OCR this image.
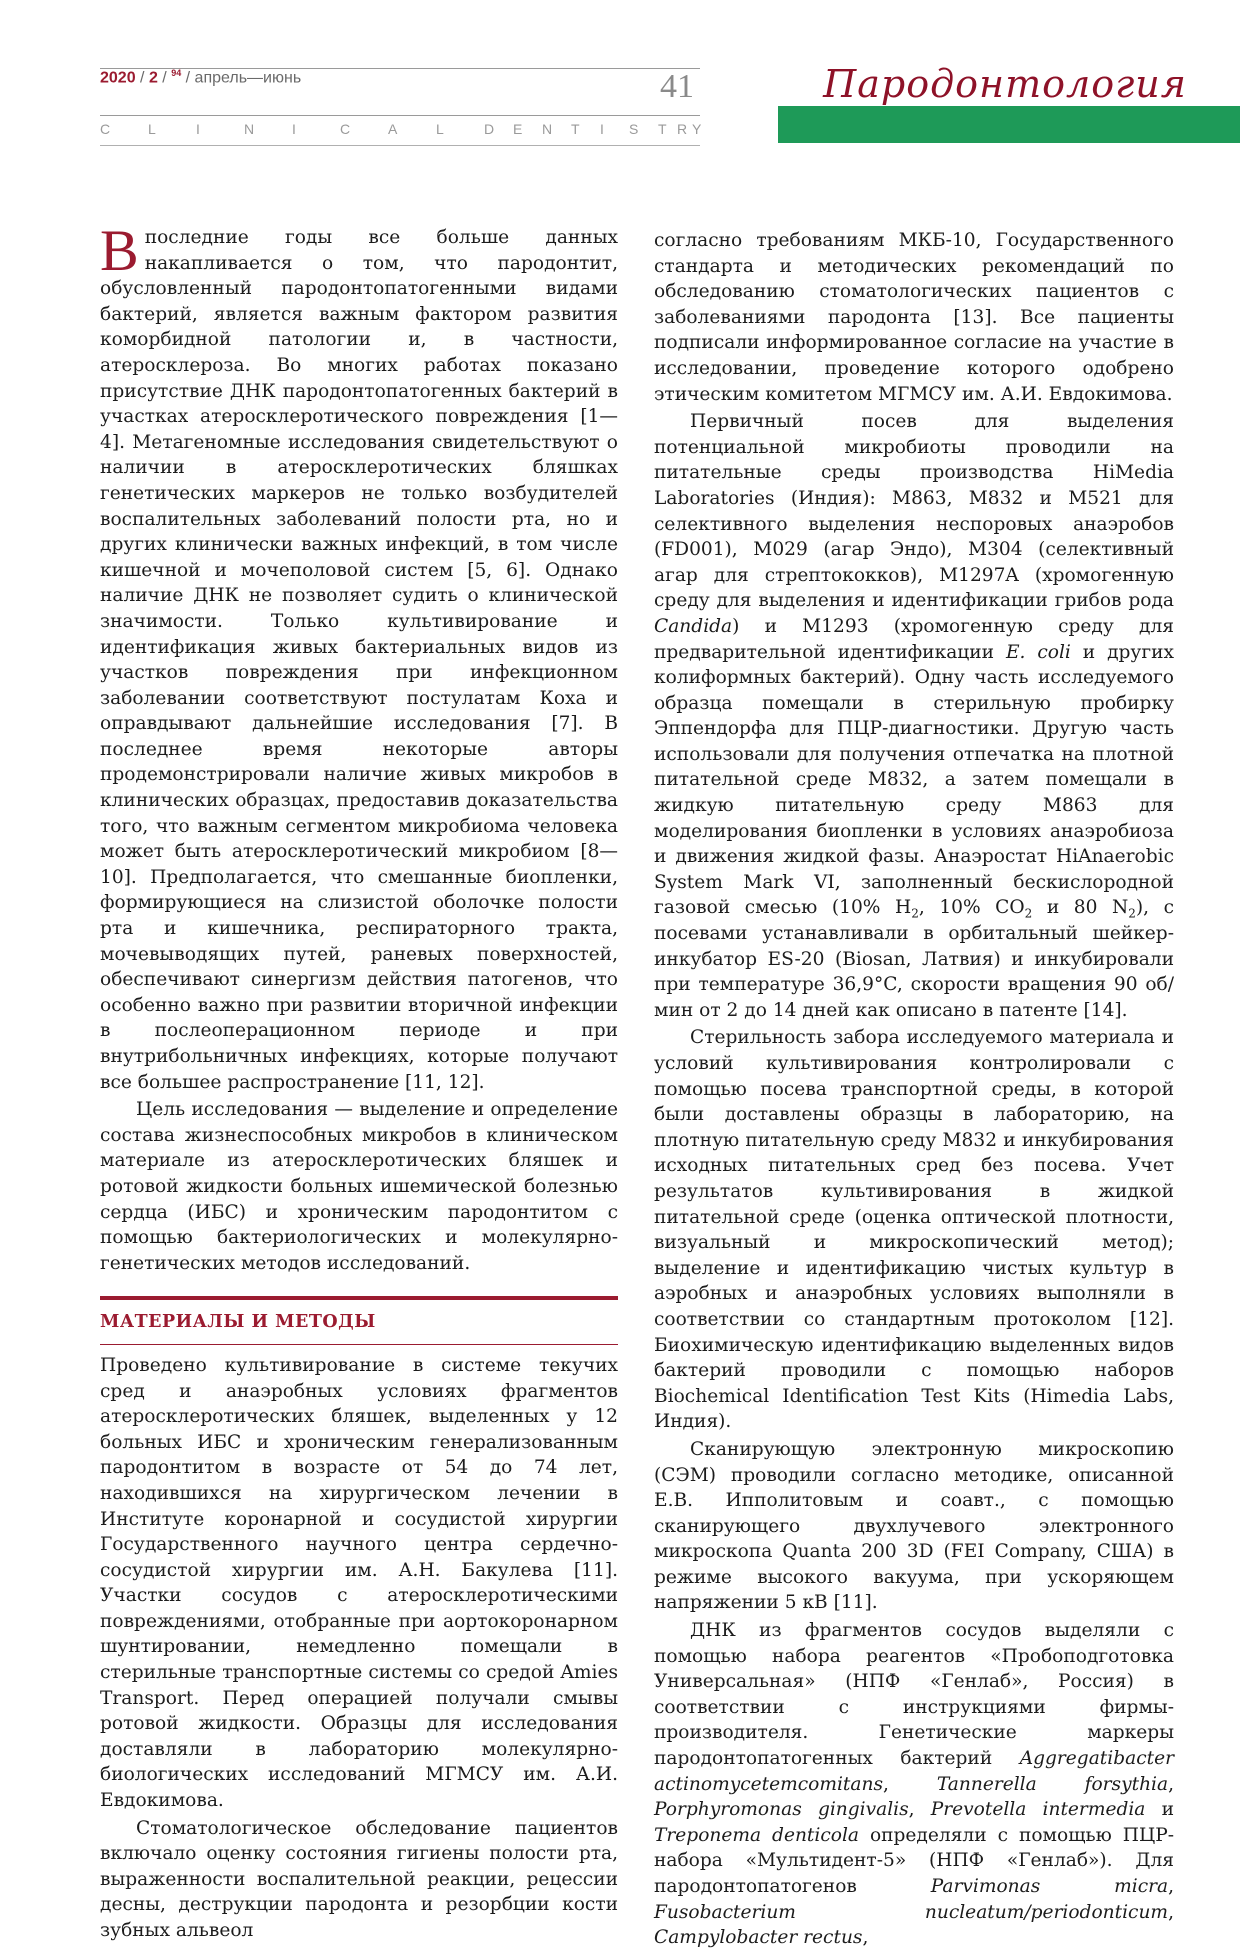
2020 / 2 / $^{94}$ / апрель—июнь	41
C	L	I	N	I	C	A	L	D E N T I S T R Y
Пародонтология

В последние годы все больше данных накапливается о том, что пародонтит, обусловленный пародонтопатогенными видами бактерий, является важным фактором развития коморбидной патологии и, в частности, атеросклероза. Во многих работах показано присутствие ДНК пародонтопатогенных бактерий в участках атеросклеротического повреждения [1—4]. Метагеномные исследования свидетельствуют о наличии в атеросклеротических бляшках генетических маркеров не только возбудителей воспалительных заболеваний полости рта, но и других клинически важных инфекций, в том числе кишечной и мочеполовой систем [5, 6]. Однако наличие ДНК не позволяет судить о клинической значимости. Только культивирование и идентификация живых бактериальных видов из участков повреждения при инфекционном заболевании соответствуют постулатам Коха и оправдывают дальнейшие исследования [7]. В последнее время некоторые авторы продемонстрировали наличие живых микробов в клинических образцах, предоставив доказательства того, что важным сегментом микробиома человека может быть атеросклеротический микробиом [8—10]. Предполагается, что смешанные биопленки, формирующиеся на слизистой оболочке полости рта и кишечника, респираторного тракта, мочевыводящих путей, раневых поверхностей, обеспечивают синергизм действия патогенов, что особенно важно при развитии вторичной инфекции в послеоперационном периоде и при внутрибольничных инфекциях, которые получают все большее распространение [11, 12].

Цель исследования — выделение и определение состава жизнеспособных микробов в клиническом материале из атеросклеротических бляшек и ротовой жидкости больных ишемической болезнью сердца (ИБС) и хроническим пародонтитом с помощью бактериологических и молекулярно-генетических методов исследований.

МАТЕРИАЛЫ И МЕТОДЫ

Проведено культивирование в системе текучих сред и анаэробных условиях фрагментов атеросклеротических бляшек, выделенных у 12 больных ИБС и хроническим генерализованным пародонтитом в возрасте от 54 до 74 лет, находившихся на хирургическом лечении в Институте коронарной и сосудистой хирургии Государственного научного центра сердечно-сосудистой хирургии им. А.Н. Бакулева [11]. Участки сосудов с атеросклеротическими повреждениями, отобранные при аортокоронарном шунтировании, немедленно помещали в стерильные транспортные системы со средой Amies Transport. Перед операцией получали смывы ротовой жидкости. Образцы для исследования доставляли в лабораторию молекулярно-биологических исследований МГМСУ им. А.И. Евдокимова.

Стоматологическое обследование пациентов включало оценку состояния гигиены полости рта, выраженности воспалительной реакции, рецессии десны, деструкции пародонта и резорбции кости зубных альвеол

согласно требованиям МКБ-10, Государственного стандарта и методических рекомендаций по обследованию стоматологических пациентов с заболеваниями пародонта [13]. Все пациенты подписали информированное согласие на участие в исследовании, проведение которого одобрено этическим комитетом МГМСУ им. А.И. Евдокимова.

Первичный посев для выделения потенциальной микробиоты проводили на питательные среды производства HiMedia Laboratories (Индия): M863, M832 и M521 для селективного выделения неспоровых анаэробов (FD001), M029 (агар Эндо), M304 (селективный агар для стрептококков), M1297A (хромогенную среду для выделения и идентификации грибов рода Candida) и M1293 (хромогенную среду для предварительной идентификации E. coli и других колиформных бактерий). Одну часть исследуемого образца помещали в стерильную пробирку Эппендорфа для ПЦР-диагностики. Другую часть использовали для получения отпечатка на плотной питательной среде M832, а затем помещали в жидкую питательную среду M863 для моделирования биопленки в условиях анаэробиоза и движения жидкой фазы. Анаэростат HiAnaerobic System Mark VI, заполненный бескислородной газовой смесью (10% $H_2$, 10% $CO_2$ и 80 $N_2$), с посевами устанавливали в орбитальный шейкер-инкубатор ES-20 (Biosan, Латвия) и инкубировали при температуре 36,9°C, скорости вращения 90 об/мин от 2 до 14 дней как описано в патенте [14].

Стерильность забора исследуемого материала и условий культивирования контролировали с помощью посева транспортной среды, в которой были доставлены образцы в лабораторию, на плотную питательную среду M832 и инкубирования исходных питательных сред без посева. Учет результатов культивирования в жидкой питательной среде (оценка оптической плотности, визуальный и микроскопический метод); выделение и идентификацию чистых культур в аэробных и анаэробных условиях выполняли в соответствии со стандартным протоколом [12]. Биохимическую идентификацию выделенных видов бактерий проводили с помощью наборов Biochemical Identification Test Kits (Himedia Labs, Индия).

Сканирующую электронную микроскопию (СЭМ) проводили согласно методике, описанной Е.В. Ипполитовым и соавт., с помощью сканирующего двухлучевого электронного микроскопа Quanta 200 3D (FEI Company, США) в режиме высокого вакуума, при ускоряющем напряжении 5 кВ [11].

ДНК из фрагментов сосудов выделяли с помощью набора реагентов «Пробоподготовка Универсальная» (НПФ «Генлаб», Россия) в соответствии с инструкциями фирмы-производителя. Генетические маркеры пародонтопатогенных бактерий Aggregatibacter actinomycetemcomitans, Tannerella forsythia, Porphyromonas gingivalis, Prevotella intermedia и Treponema denticola определяли с помощью ПЦР-набора «Мультидент-5» (НПФ «Генлаб»). Для пародонтопатогенов Parvimonas micra, Fusobacterium nucleatum/periodonticum, Campylobacter rectus,
